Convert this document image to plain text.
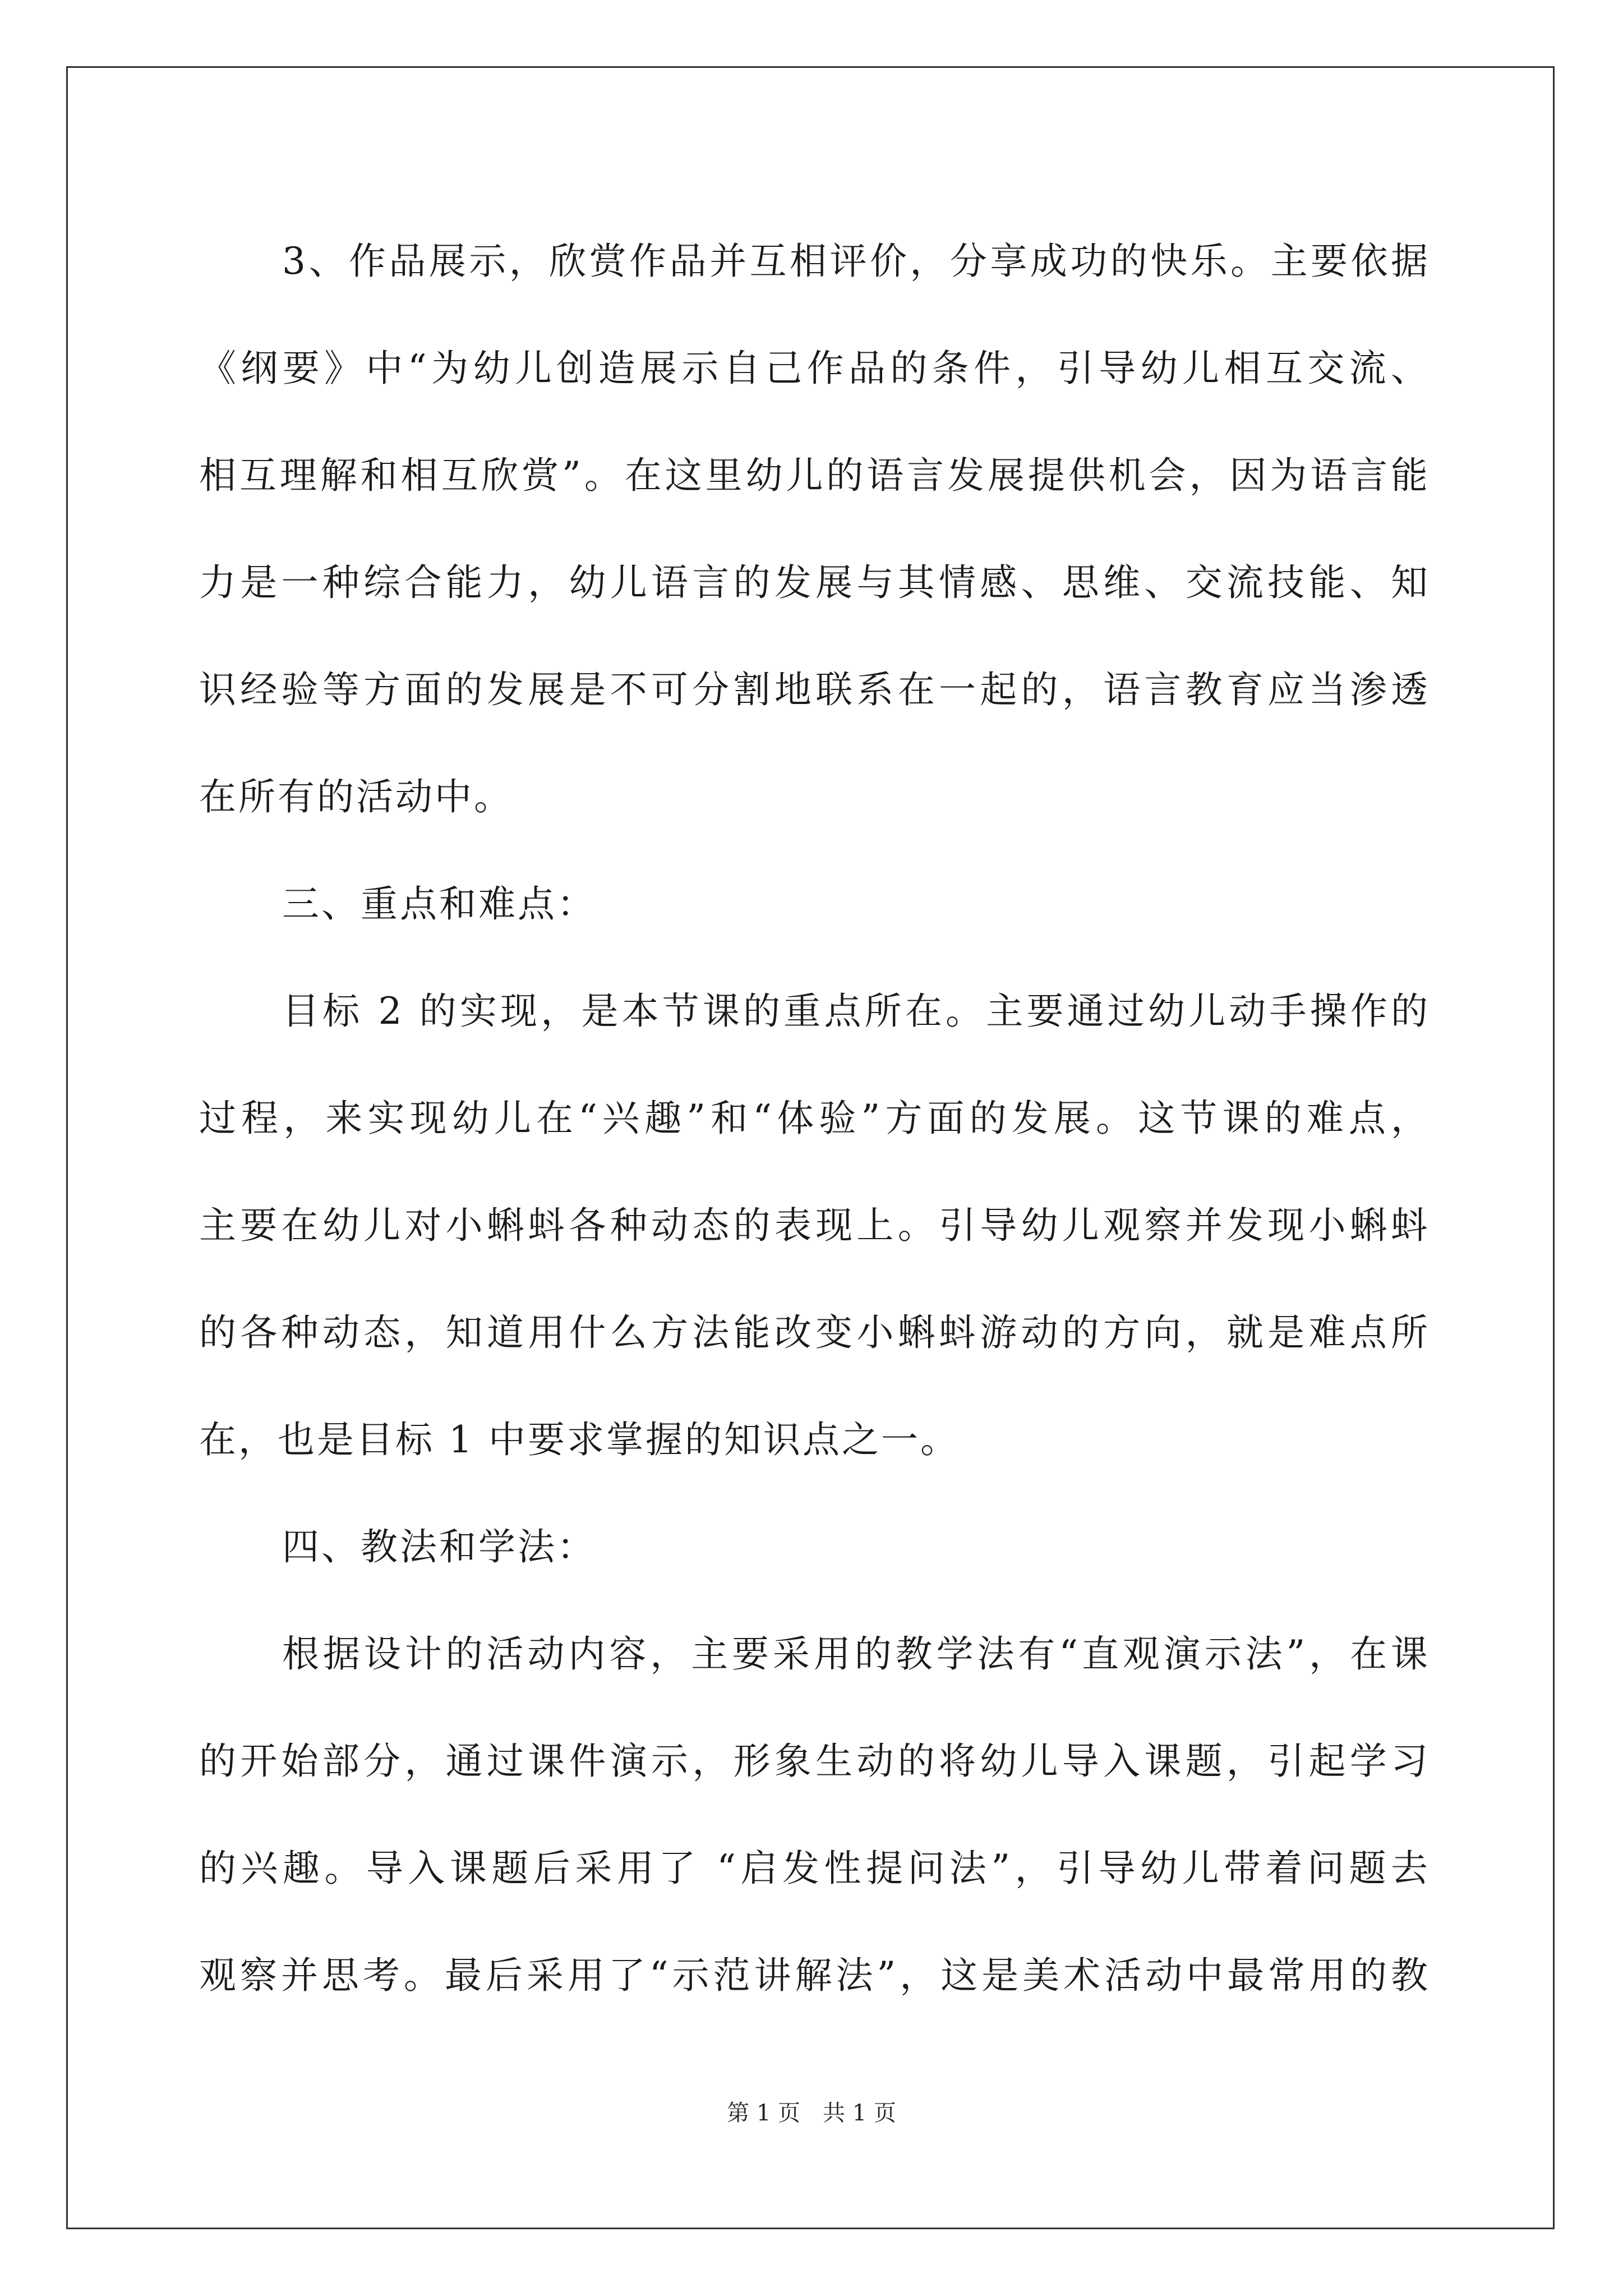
3、作品展示，欣赏作品并互相评价，分享成功的快乐。主要依据
《纲要》中“为幼儿创造展示自己作品的条件，引导幼儿相互交流、
相互理解和相互欣赏”。在这里幼儿的语言发展提供机会，因为语言能
力是一种综合能力，幼儿语言的发展与其情感、思维、交流技能、知
识经验等方面的发展是不可分割地联系在一起的，语言教育应当渗透
在所有的活动中。
三、重点和难点：
目标 2 的实现，是本节课的重点所在。主要通过幼儿动手操作的
过程，来实现幼儿在“兴趣”和“体验”方面的发展。这节课的难点，
主要在幼儿对小蝌蚪各种动态的表现上。引导幼儿观察并发现小蝌蚪
的各种动态，知道用什么方法能改变小蝌蚪游动的方向，就是难点所
在，也是目标 1 中要求掌握的知识点之一。
四、教法和学法：
根据设计的活动内容，主要采用的教学法有“直观演示法”，在课
的开始部分，通过课件演示，形象生动的将幼儿导入课题，引起学习
的兴趣。导入课题后采用了 “启发性提问法”，引导幼儿带着问题去
观察并思考。最后采用了“示范讲解法”，这是美术活动中最常用的教
第 1 页　共 1 页
